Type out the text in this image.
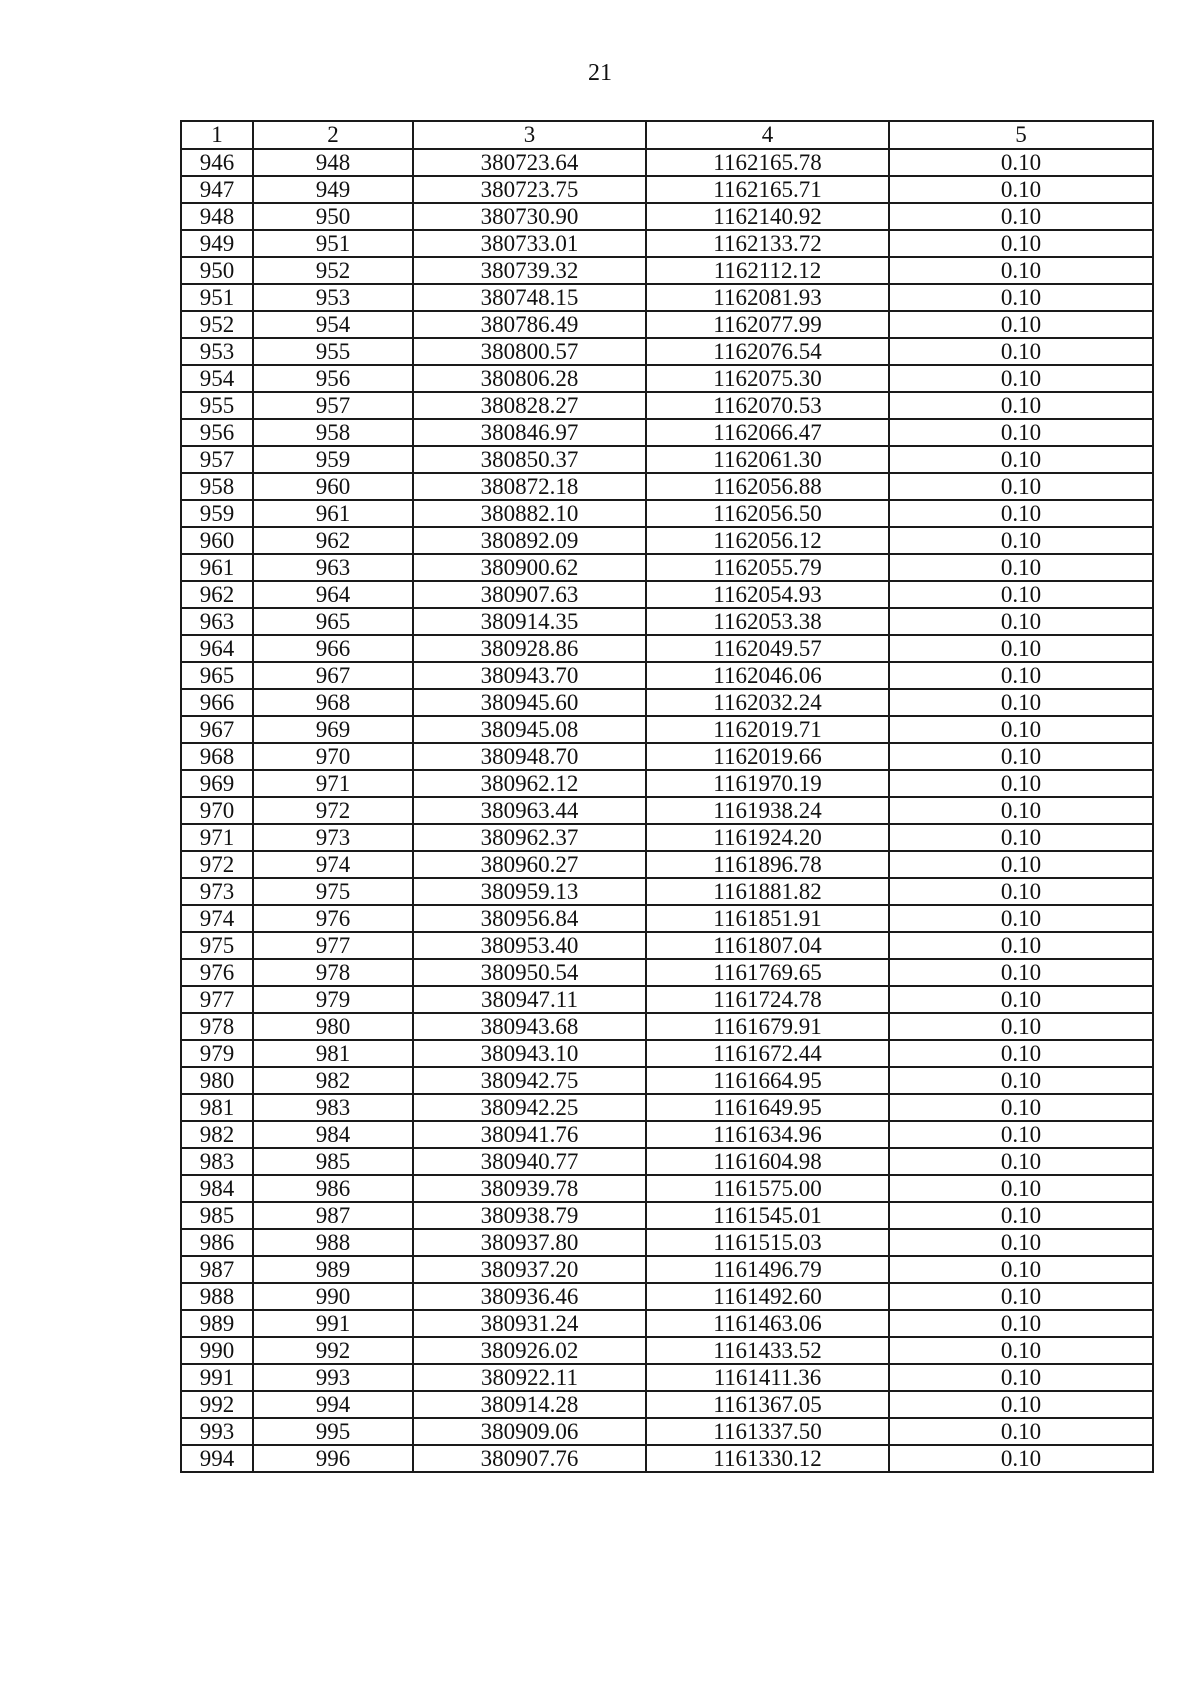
21
1	2	3	4	5
946	948	380723.64	1162165.78	0.10
947	949	380723.75	1162165.71	0.10
948	950	380730.90	1162140.92	0.10
949	951	380733.01	1162133.72	0.10
950	952	380739.32	1162112.12	0.10
951	953	380748.15	1162081.93	0.10
952	954	380786.49	1162077.99	0.10
953	955	380800.57	1162076.54	0.10
954	956	380806.28	1162075.30	0.10
955	957	380828.27	1162070.53	0.10
956	958	380846.97	1162066.47	0.10
957	959	380850.37	1162061.30	0.10
958	960	380872.18	1162056.88	0.10
959	961	380882.10	1162056.50	0.10
960	962	380892.09	1162056.12	0.10
961	963	380900.62	1162055.79	0.10
962	964	380907.63	1162054.93	0.10
963	965	380914.35	1162053.38	0.10
964	966	380928.86	1162049.57	0.10
965	967	380943.70	1162046.06	0.10
966	968	380945.60	1162032.24	0.10
967	969	380945.08	1162019.71	0.10
968	970	380948.70	1162019.66	0.10
969	971	380962.12	1161970.19	0.10
970	972	380963.44	1161938.24	0.10
971	973	380962.37	1161924.20	0.10
972	974	380960.27	1161896.78	0.10
973	975	380959.13	1161881.82	0.10
974	976	380956.84	1161851.91	0.10
975	977	380953.40	1161807.04	0.10
976	978	380950.54	1161769.65	0.10
977	979	380947.11	1161724.78	0.10
978	980	380943.68	1161679.91	0.10
979	981	380943.10	1161672.44	0.10
980	982	380942.75	1161664.95	0.10
981	983	380942.25	1161649.95	0.10
982	984	380941.76	1161634.96	0.10
983	985	380940.77	1161604.98	0.10
984	986	380939.78	1161575.00	0.10
985	987	380938.79	1161545.01	0.10
986	988	380937.80	1161515.03	0.10
987	989	380937.20	1161496.79	0.10
988	990	380936.46	1161492.60	0.10
989	991	380931.24	1161463.06	0.10
990	992	380926.02	1161433.52	0.10
991	993	380922.11	1161411.36	0.10
992	994	380914.28	1161367.05	0.10
993	995	380909.06	1161337.50	0.10
994	996	380907.76	1161330.12	0.10
